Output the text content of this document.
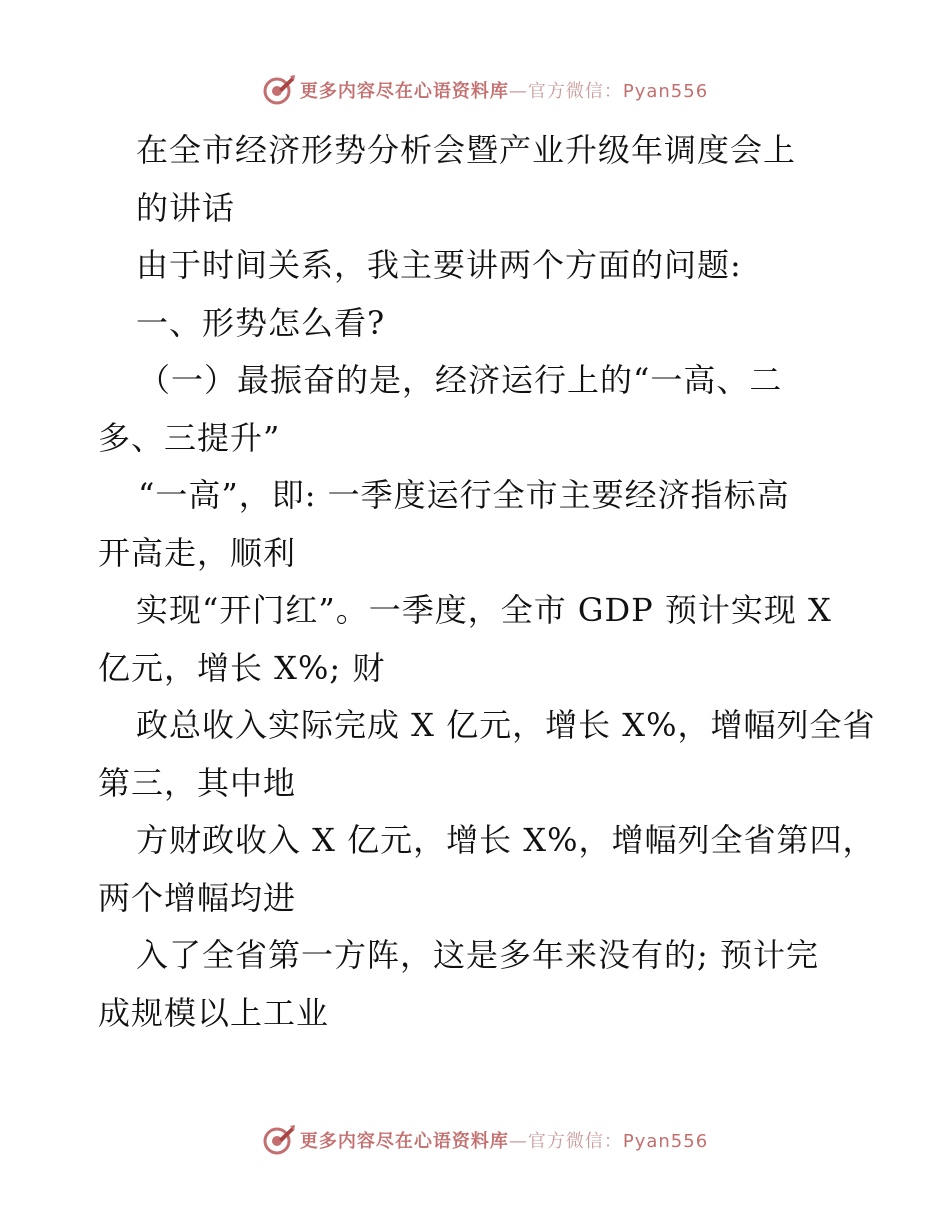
更多内容尽在心语资料库—官方微信：Pyan556
在全市经济形势分析会暨产业升级年调度会上
的讲话
由于时间关系，我主要讲两个方面的问题:
一、形势怎么看?
（一）最振奋的是，经济运行上的“一高、二
多、三提升”
“一高”，即: 一季度运行全市主要经济指标高
开高走，顺利
实现“开门红”。一季度，全市 GDP 预计实现 X
亿元，增长 X%; 财
政总收入实际完成 X 亿元，增长 X%，增幅列全省
第三，其中地
方财政收入 X 亿元，增长 X%，增幅列全省第四，
两个增幅均进
入了全省第一方阵，这是多年来没有的; 预计完
成规模以上工业
更多内容尽在心语资料库—官方微信：Pyan556
